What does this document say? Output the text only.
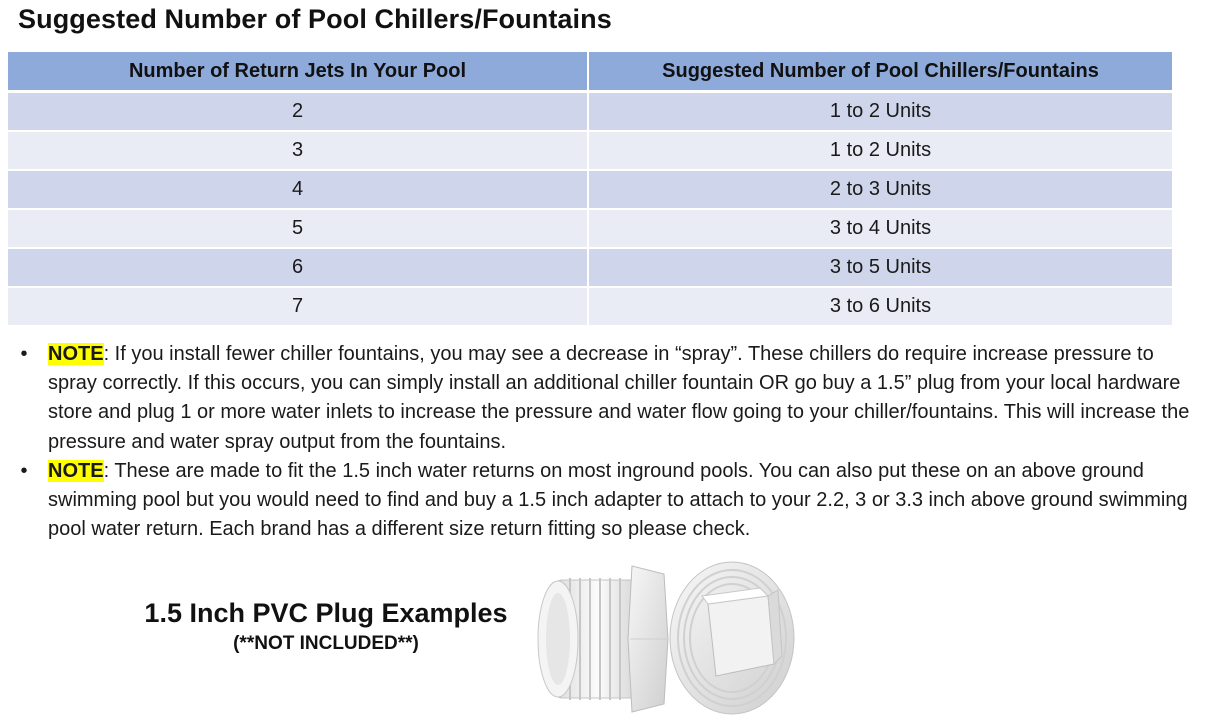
Suggested Number of Pool Chillers/Fountains
Number of Return Jets In Your Pool	Suggested Number of Pool Chillers/Fountains
2	1 to 2 Units
3	1 to 2 Units
4	2 to 3 Units
5	3 to 4 Units
6	3 to 5 Units
7	3 to 6 Units
• NOTE: If you install fewer chiller fountains, you may see a decrease in “spray”. These chillers do require increase pressure to spray correctly. If this occurs, you can simply install an additional chiller fountain OR go buy a 1.5” plug from your local hardware store and plug 1 or more water inlets to increase the pressure and water flow going to your chiller/fountains. This will increase the pressure and water spray output from the fountains.
• NOTE: These are made to fit the 1.5 inch water returns on most inground pools. You can also put these on an above ground swimming pool but you would need to find and buy a 1.5 inch adapter to attach to your 2.2, 3 or 3.3 inch above ground swimming pool water return. Each brand has a different size return fitting so please check.
1.5 Inch PVC Plug Examples
(**NOT INCLUDED**)
